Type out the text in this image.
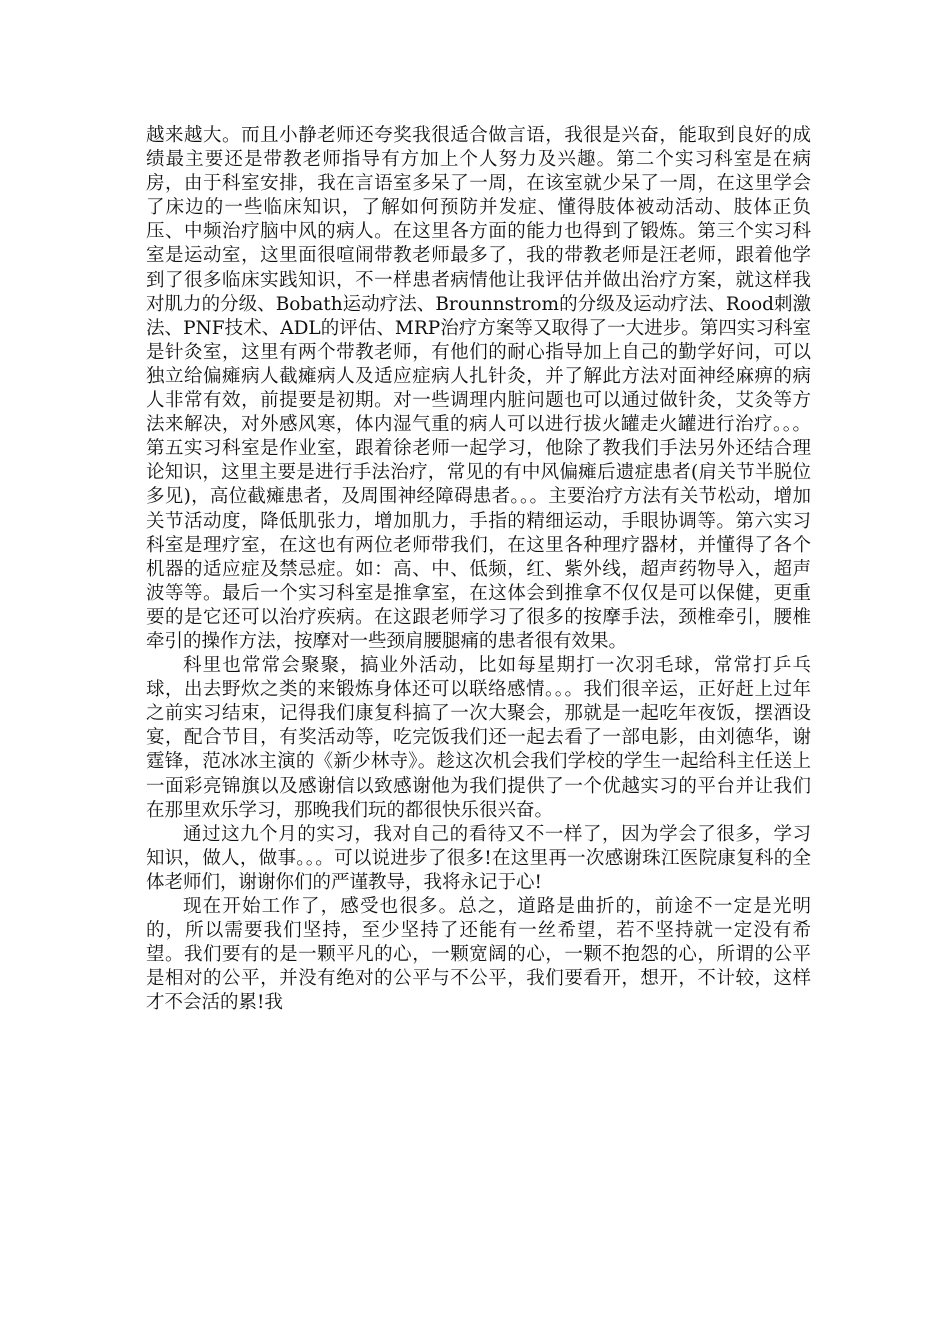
越来越大。而且小静老师还夸奖我很适合做言语，我很是兴奋，能取到良好的成绩最主要还是带教老师指导有方加上个人努力及兴趣。第二个实习科室是在病房，由于科室安排，我在言语室多呆了一周，在该室就少呆了一周，在这里学会了床边的一些临床知识，了解如何预防并发症、懂得肢体被动活动、肢体正负压、中频治疗脑中风的病人。在这里各方面的能力也得到了锻炼。第三个实习科室是运动室，这里面很喧闹带教老师最多了，我的带教老师是汪老师，跟着他学到了很多临床实践知识，不一样患者病情他让我评估并做出治疗方案，就这样我对肌力的分级、Bobath运动疗法、Brounnstrom的分级及运动疗法、Rood刺激法、PNF技术、ADL的评估、MRP治疗方案等又取得了一大进步。第四实习科室是针灸室，这里有两个带教老师，有他们的耐心指导加上自己的勤学好问，可以独立给偏瘫病人截瘫病人及适应症病人扎针灸，并了解此方法对面神经麻痹的病人非常有效，前提要是初期。对一些调理内脏问题也可以通过做针灸，艾灸等方法来解决，对外感风寒，体内湿气重的病人可以进行拔火罐走火罐进行治疗。。。第五实习科室是作业室，跟着徐老师一起学习，他除了教我们手法另外还结合理论知识，这里主要是进行手法治疗，常见的有中风偏瘫后遗症患者(肩关节半脱位多见)，高位截瘫患者，及周围神经障碍患者。。。主要治疗方法有关节松动，增加关节活动度，降低肌张力，增加肌力，手指的精细运动，手眼协调等。第六实习科室是理疗室，在这也有两位老师带我们，在这里各种理疗器材，并懂得了各个机器的适应症及禁忌症。如：高、中、低频，红、紫外线，超声药物导入，超声波等等。最后一个实习科室是推拿室，在这体会到推拿不仅仅是可以保健，更重要的是它还可以治疗疾病。在这跟老师学习了很多的按摩手法，颈椎牵引，腰椎牵引的操作方法，按摩对一些颈肩腰腿痛的患者很有效果。

科里也常常会聚聚，搞业外活动，比如每星期打一次羽毛球，常常打乒乓球，出去野炊之类的来锻炼身体还可以联络感情。。。我们很辛运，正好赶上过年之前实习结束，记得我们康复科搞了一次大聚会，那就是一起吃年夜饭，摆酒设宴，配合节目，有奖活动等，吃完饭我们还一起去看了一部电影，由刘德华，谢霆锋，范冰冰主演的《新少林寺》。趁这次机会我们学校的学生一起给科主任送上一面彩亮锦旗以及感谢信以致感谢他为我们提供了一个优越实习的平台并让我们在那里欢乐学习，那晚我们玩的都很快乐很兴奋。

通过这九个月的实习，我对自己的看待又不一样了，因为学会了很多，学习知识，做人，做事。。。可以说进步了很多!在这里再一次感谢珠江医院康复科的全体老师们，谢谢你们的严谨教导，我将永记于心!

现在开始工作了，感受也很多。总之，道路是曲折的，前途不一定是光明的，所以需要我们坚持，至少坚持了还能有一丝希望，若不坚持就一定没有希望。我们要有的是一颗平凡的心，一颗宽阔的心，一颗不抱怨的心，所谓的公平是相对的公平，并没有绝对的公平与不公平，我们要看开，想开，不计较，这样才不会活的累!我
